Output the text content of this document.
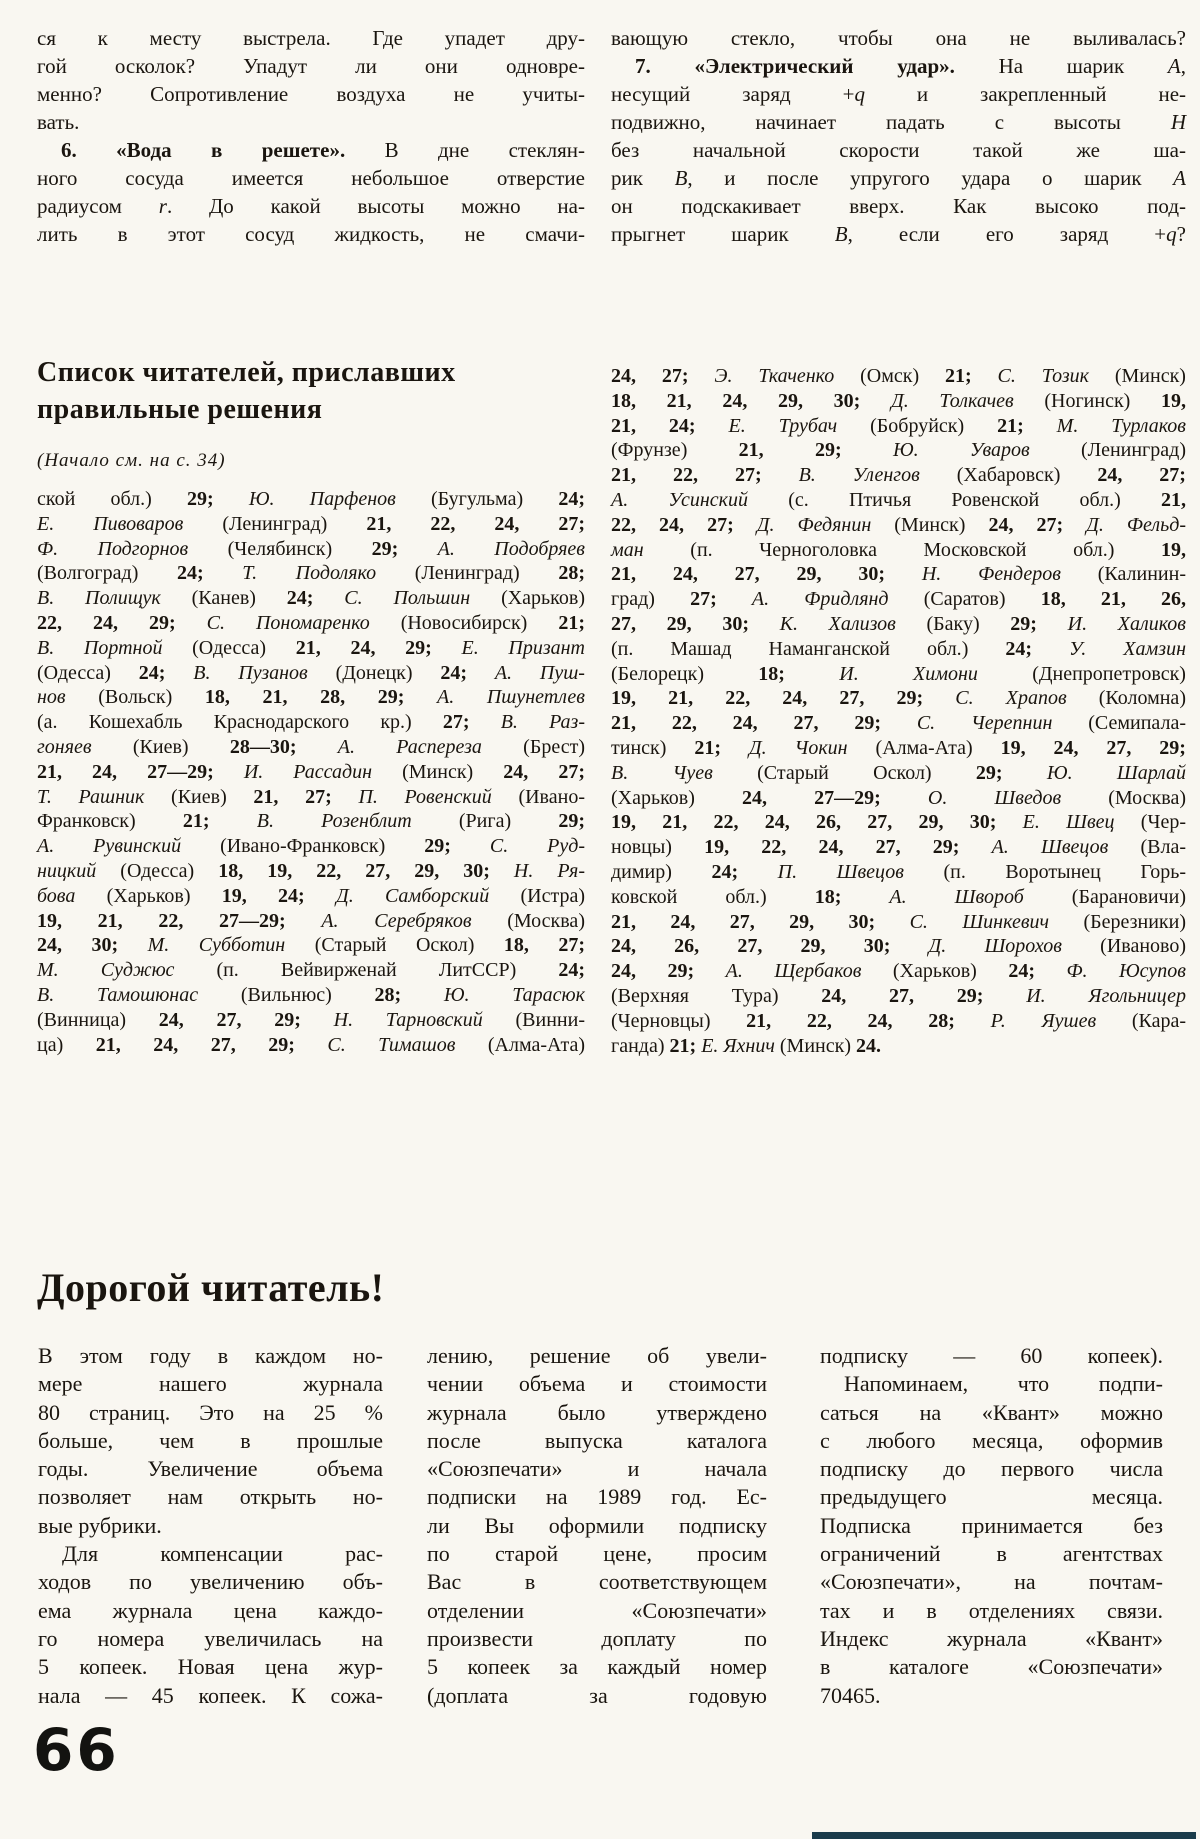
ся к месту выстрела. Где упадет дру-
гой осколок? Упадут ли они одновре-
менно? Сопротивление воздуха не учиты-
вать.
6. «Вода в решете». В дне стеклян-
ного сосуда имеется небольшое отверстие
радиусом r. До какой высоты можно на-
лить в этот сосуд жидкость, не смачи-
вающую стекло, чтобы она не выливалась?
7. «Электрический удар». На шарик A,
несущий заряд +q и закрепленный не-
подвижно, начинает падать с высоты H
без начальной скорости такой же ша-
рик B, и после упругого удара о шарик A
он подскакивает вверх. Как высоко под-
прыгнет шарик B, если его заряд +q?
Список читателей, приславших
правильные решения
(Начало см. на с. 34)
ской обл.) 29; Ю. Парфенов (Бугульма) 24;
Е. Пивоваров (Ленинград) 21, 22, 24, 27;
Ф. Подгорнов (Челябинск) 29; А. Подобряев
(Волгоград) 24; Т. Подоляко (Ленинград) 28;
В. Полищук (Канев) 24; С. Польшин (Харьков)
22, 24, 29; С. Пономаренко (Новосибирск) 21;
В. Портной (Одесса) 21, 24, 29; Е. Призант
(Одесса) 24; В. Пузанов (Донецк) 24; А. Пуш-
нов (Вольск) 18, 21, 28, 29; А. Пшунетлев
(а. Кошехабль Краснодарского кр.) 27; В. Раз-
гоняев (Киев) 28—30; А. Распереза (Брест)
21, 24, 27—29; И. Рассадин (Минск) 24, 27;
Т. Рашник (Киев) 21, 27; П. Ровенский (Ивано-
Франковск) 21; В. Розенблит (Рига) 29;
А. Рувинский (Ивано-Франковск) 29; С. Руд-
ницкий (Одесса) 18, 19, 22, 27, 29, 30; Н. Ря-
бова (Харьков) 19, 24; Д. Самборский (Истра)
19, 21, 22, 27—29; А. Серебряков (Москва)
24, 30; М. Субботин (Старый Оскол) 18, 27;
М. Суджюс (п. Вейвирженай ЛитССР) 24;
В. Тамошюнас (Вильнюс) 28; Ю. Тарасюк
(Винница) 24, 27, 29; Н. Тарновский (Винни-
ца) 21, 24, 27, 29; С. Тимашов (Алма-Ата)
24, 27; Э. Ткаченко (Омск) 21; С. Тозик (Минск)
18, 21, 24, 29, 30; Д. Толкачев (Ногинск) 19,
21, 24; Е. Трубач (Бобруйск) 21; М. Турлаков
(Фрунзе) 21, 29; Ю. Уваров (Ленинград)
21, 22, 27; В. Уленгов (Хабаровск) 24, 27;
А. Усинский (с. Птичья Ровенской обл.) 21,
22, 24, 27; Д. Федянин (Минск) 24, 27; Д. Фельд-
ман (п. Черноголовка Московской обл.) 19,
21, 24, 27, 29, 30; Н. Фендеров (Калинин-
град) 27; А. Фридлянд (Саратов) 18, 21, 26,
27, 29, 30; К. Хализов (Баку) 29; И. Халиков
(п. Машад Наманганской обл.) 24; У. Хамзин
(Белорецк) 18; И. Химони (Днепропетровск)
19, 21, 22, 24, 27, 29; С. Храпов (Коломна)
21, 22, 24, 27, 29; С. Черепнин (Семипала-
тинск) 21; Д. Чокин (Алма-Ата) 19, 24, 27, 29;
В. Чуев (Старый Оскол) 29; Ю. Шарлай
(Харьков) 24, 27—29; О. Шведов (Москва)
19, 21, 22, 24, 26, 27, 29, 30; Е. Швец (Чер-
новцы) 19, 22, 24, 27, 29; А. Швецов (Вла-
димир) 24; П. Швецов (п. Воротынец Горь-
ковской обл.) 18; А. Швороб (Барановичи)
21, 24, 27, 29, 30; С. Шинкевич (Березники)
24, 26, 27, 29, 30; Д. Шорохов (Иваново)
24, 29; А. Щербаков (Харьков) 24; Ф. Юсупов
(Верхняя Тура) 24, 27, 29; И. Ягольницер
(Черновцы) 21, 22, 24, 28; Р. Яушев (Кара-
ганда) 21; Е. Яхнич (Минск) 24.
Дорогой читатель!
В этом году в каждом но-
мере нашего журнала
80 страниц. Это на 25 %
больше, чем в прошлые
годы. Увеличение объема
позволяет нам открыть но-
вые рубрики.
Для компенсации рас-
ходов по увеличению объ-
ема журнала цена каждо-
го номера увеличилась на
5 копеек. Новая цена жур-
нала — 45 копеек. К сожа-
лению, решение об увели-
чении объема и стоимости
журнала было утверждено
после выпуска каталога
«Союзпечати» и начала
подписки на 1989 год. Ес-
ли Вы оформили подписку
по старой цене, просим
Вас в соответствующем
отделении «Союзпечати»
произвести доплату по
5 копеек за каждый номер
(доплата за годовую
подписку — 60 копеек).
Напоминаем, что подпи-
саться на «Квант» можно
с любого месяца, оформив
подписку до первого числа
предыдущего месяца.
Подписка принимается без
ограничений в агентствах
«Союзпечати», на почтам-
тах и в отделениях связи.
Индекс журнала «Квант»
в каталоге «Союзпечати»
70465.
66
